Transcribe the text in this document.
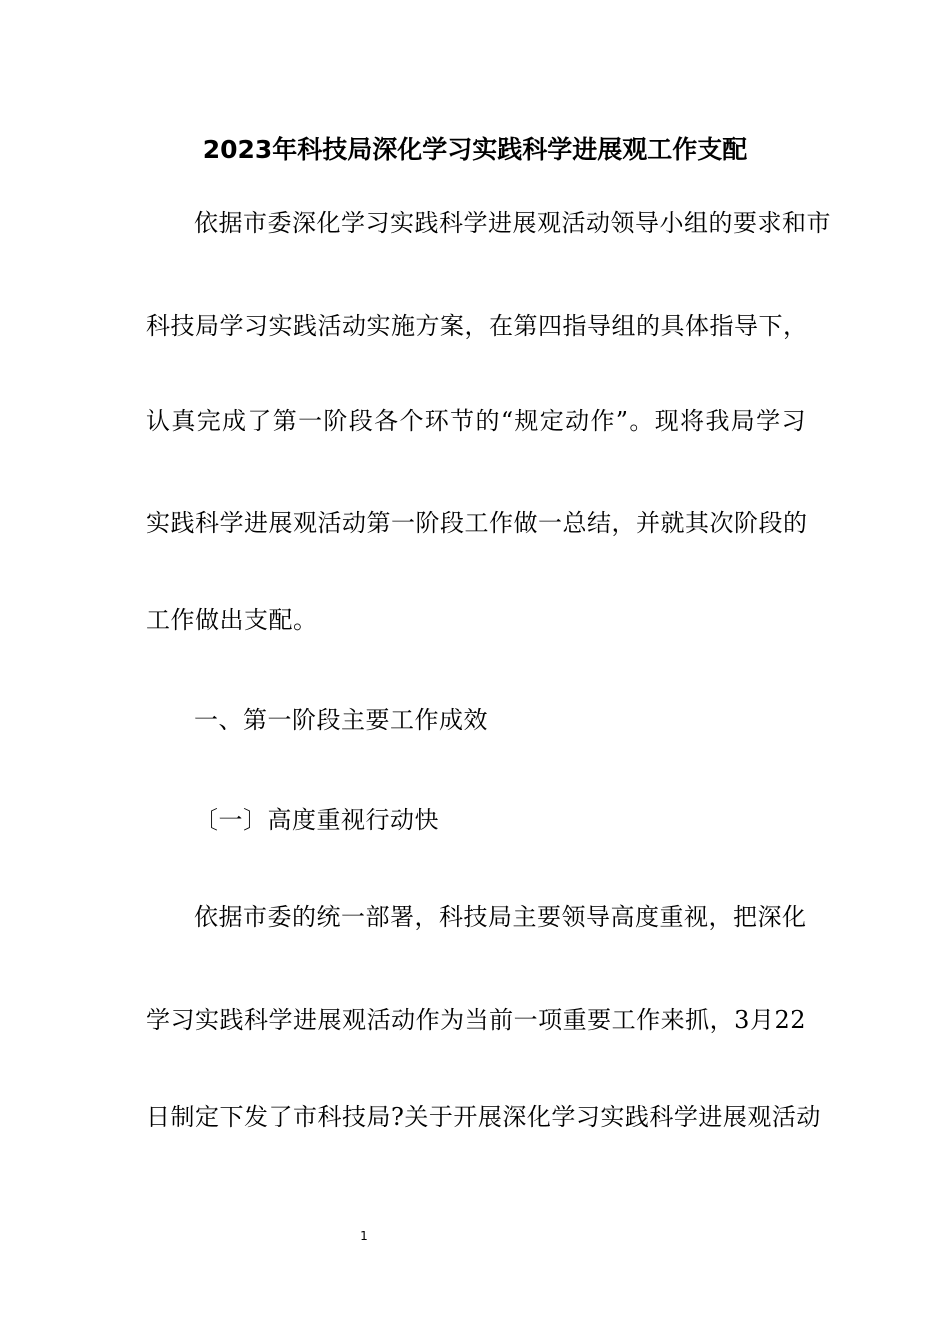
2023年科技局深化学习实践科学进展观工作支配
依据市委深化学习实践科学进展观活动领导小组的要求和市
科技局学习实践活动实施方案，在第四指导组的具体指导下，
认真完成了第一阶段各个环节的“规定动作”。现将我局学习
实践科学进展观活动第一阶段工作做一总结，并就其次阶段的
工作做出支配。
一、第一阶段主要工作成效
〔一〕高度重视行动快
依据市委的统一部署，科技局主要领导高度重视，把深化
学习实践科学进展观活动作为当前一项重要工作来抓，3月22
日制定下发了市科技局?关于开展深化学习实践科学进展观活动
1
